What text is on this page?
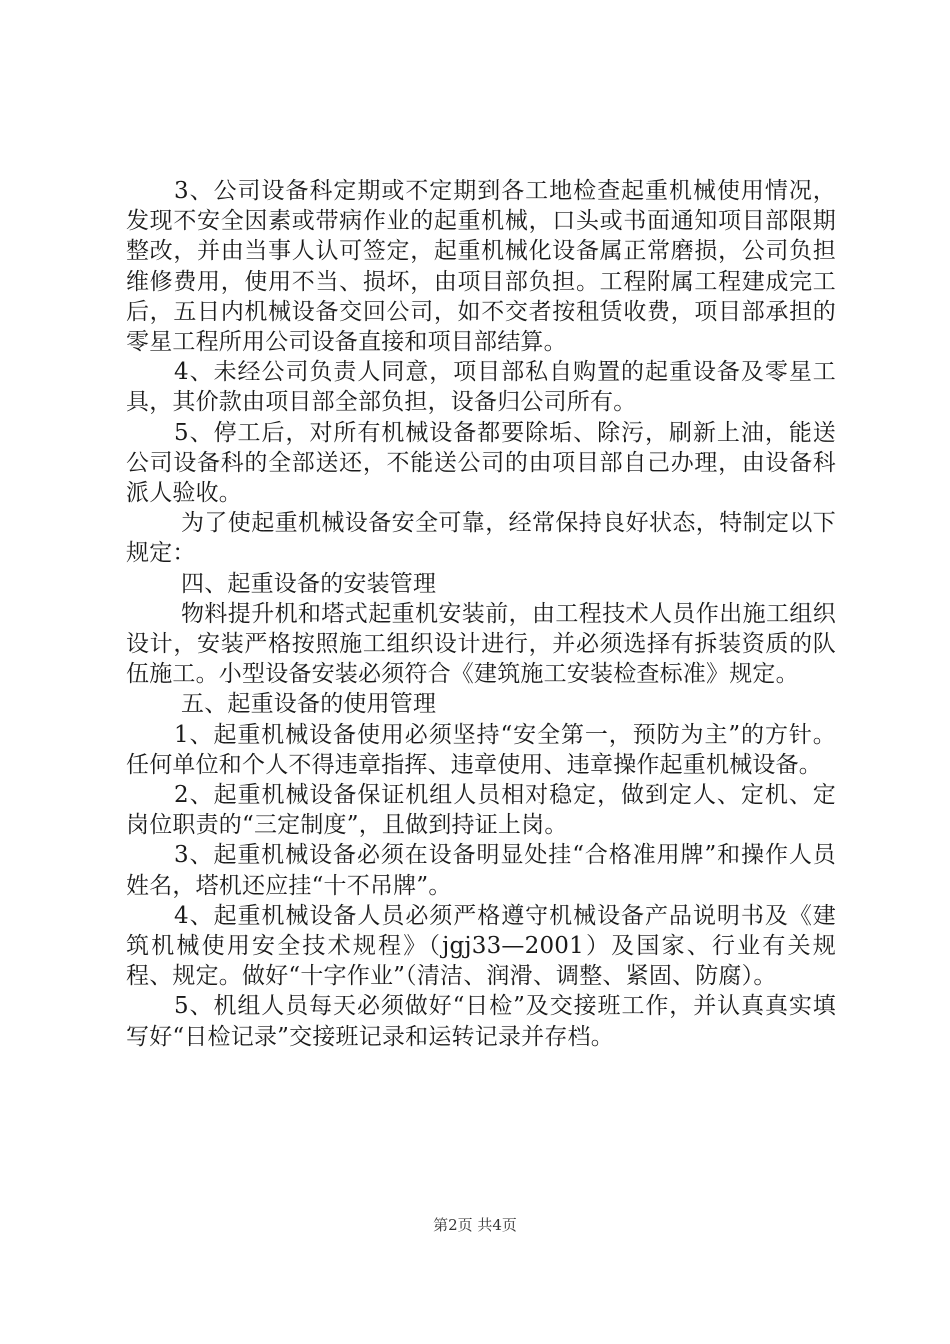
3、公司设备科定期或不定期到各工地检查起重机械使用情况，发现不安全因素或带病作业的起重机械，口头或书面通知项目部限期整改，并由当事人认可签定，起重机械化设备属正常磨损，公司负担维修费用，使用不当、损坏，由项目部负担。工程附属工程建成完工后，五日内机械设备交回公司，如不交者按租赁收费，项目部承担的零星工程所用公司设备直接和项目部结算。

4、未经公司负责人同意，项目部私自购置的起重设备及零星工具，其价款由项目部全部负担，设备归公司所有。

5、停工后，对所有机械设备都要除垢、除污，刷新上油，能送公司设备科的全部送还，不能送公司的由项目部自己办理，由设备科派人验收。

为了使起重机械设备安全可靠，经常保持良好状态，特制定以下规定：

四、起重设备的安装管理

物料提升机和塔式起重机安装前，由工程技术人员作出施工组织设计，安装严格按照施工组织设计进行，并必须选择有拆装资质的队伍施工。小型设备安装必须符合《建筑施工安装检查标准》规定。

五、起重设备的使用管理

1、起重机械设备使用必须坚持“安全第一，预防为主”的方针。任何单位和个人不得违章指挥、违章使用、违章操作起重机械设备。

2、起重机械设备保证机组人员相对稳定，做到定人、定机、定岗位职责的“三定制度”，且做到持证上岗。

3、起重机械设备必须在设备明显处挂“合格准用牌”和操作人员姓名，塔机还应挂“十不吊牌”。

4、起重机械设备人员必须严格遵守机械设备产品说明书及《建筑机械使用安全技术规程》（jgj33—2001）及国家、行业有关规程、规定。做好“十字作业”（清洁、润滑、调整、紧固、防腐）。

5、机组人员每天必须做好“日检”及交接班工作，并认真真实填写好“日检记录”交接班记录和运转记录并存档。

第2页 共4页
